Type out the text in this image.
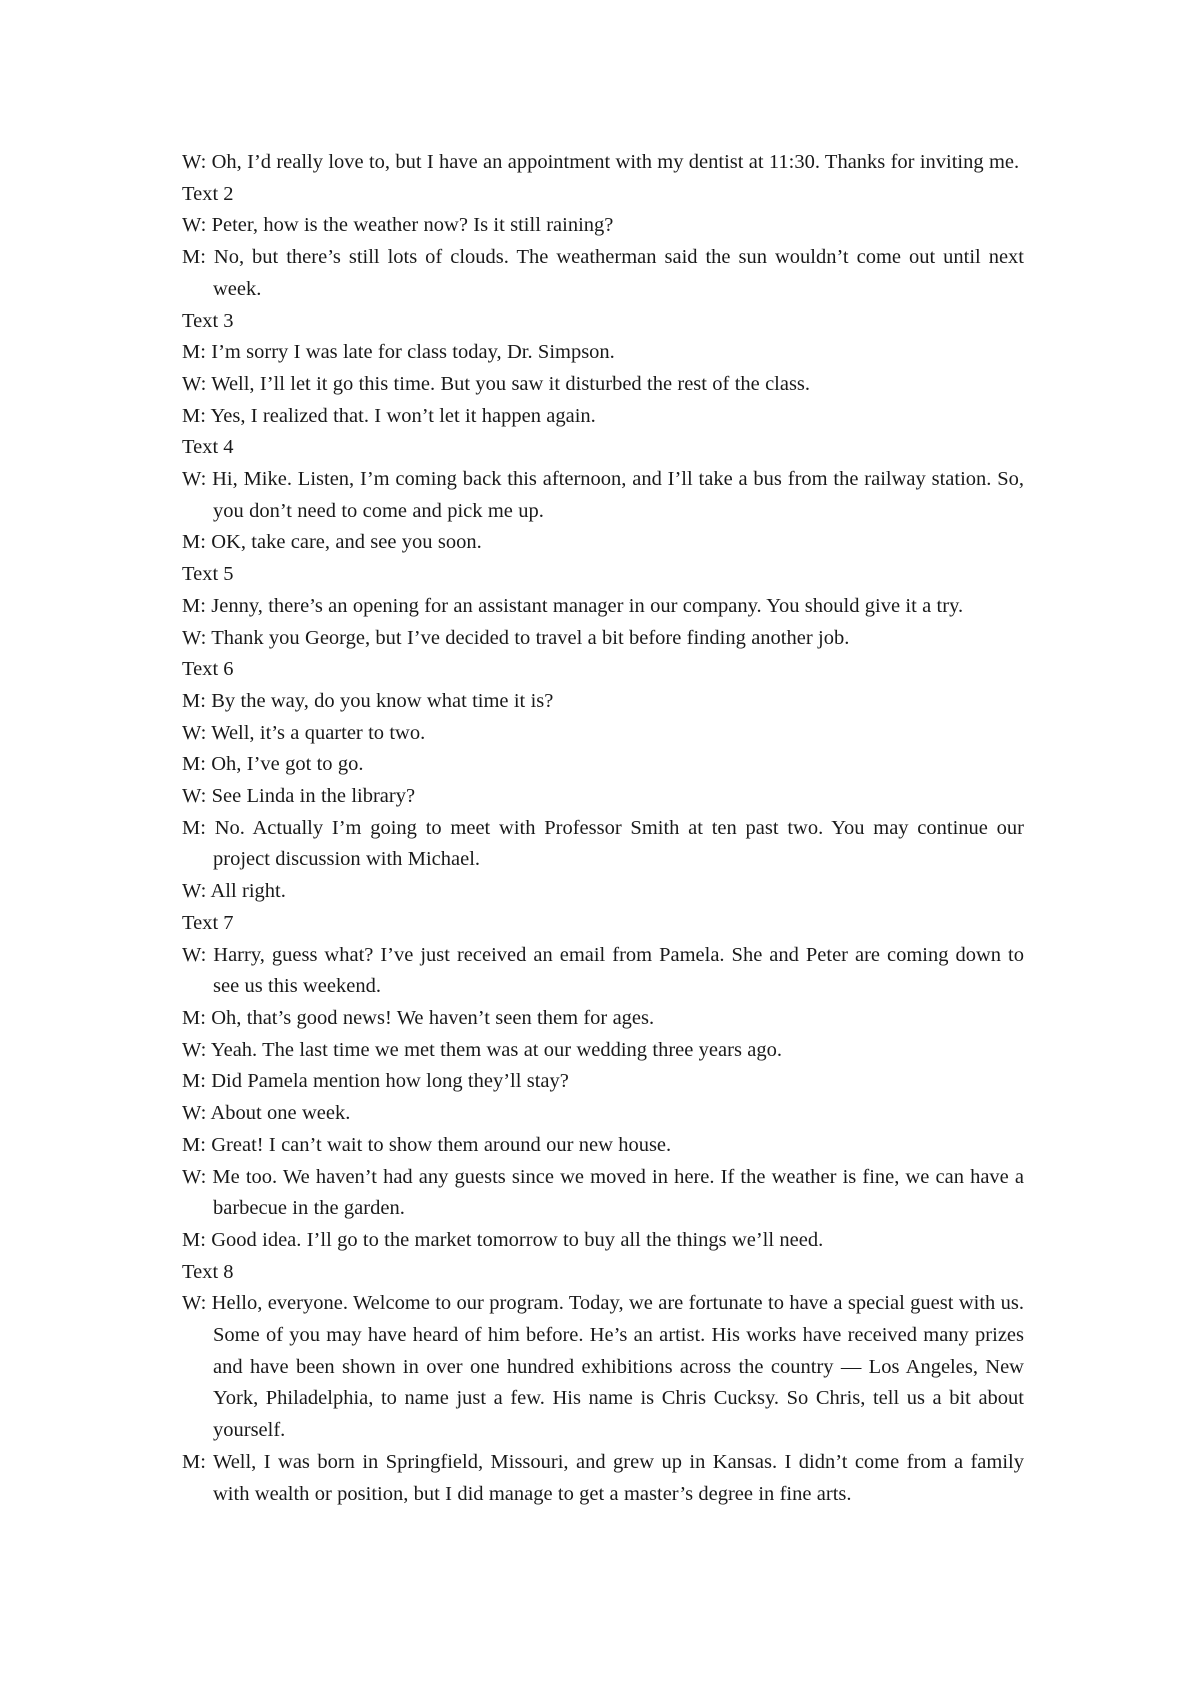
W: Oh, I’d really love to, but I have an appointment with my dentist at 11:30. Thanks for inviting me.

Text 2

W: Peter, how is the weather now? Is it still raining?

M: No, but there’s still lots of clouds. The weatherman said the sun wouldn’t come out until next week.

Text 3

M: I’m sorry I was late for class today, Dr. Simpson.

W: Well, I’ll let it go this time. But you saw it disturbed the rest of the class.

M: Yes, I realized that. I won’t let it happen again.

Text 4

W: Hi, Mike. Listen, I’m coming back this afternoon, and I’ll take a bus from the railway station. So, you don’t need to come and pick me up.

M: OK, take care, and see you soon.

Text 5

M: Jenny, there’s an opening for an assistant manager in our company. You should give it a try.

W: Thank you George, but I’ve decided to travel a bit before finding another job.

Text 6

M: By the way, do you know what time it is?

W: Well, it’s a quarter to two.

M: Oh, I’ve got to go.

W: See Linda in the library?

M: No. Actually I’m going to meet with Professor Smith at ten past two. You may continue our project discussion with Michael.

W: All right.

Text 7

W: Harry, guess what? I’ve just received an email from Pamela. She and Peter are coming down to see us this weekend.

M: Oh, that’s good news! We haven’t seen them for ages.

W: Yeah. The last time we met them was at our wedding three years ago.

M: Did Pamela mention how long they’ll stay?

W: About one week.

M: Great! I can’t wait to show them around our new house.

W: Me too. We haven’t had any guests since we moved in here. If the weather is fine, we can have a barbecue in the garden.

M: Good idea. I’ll go to the market tomorrow to buy all the things we’ll need.

Text 8

W: Hello, everyone. Welcome to our program. Today, we are fortunate to have a special guest with us. Some of you may have heard of him before. He’s an artist. His works have received many prizes and have been shown in over one hundred exhibitions across the country — Los Angeles, New York, Philadelphia, to name just a few. His name is Chris Cucksy. So Chris, tell us a bit about yourself.

M: Well, I was born in Springfield, Missouri, and grew up in Kansas. I didn’t come from a family with wealth or position, but I did manage to get a master’s degree in fine arts.
